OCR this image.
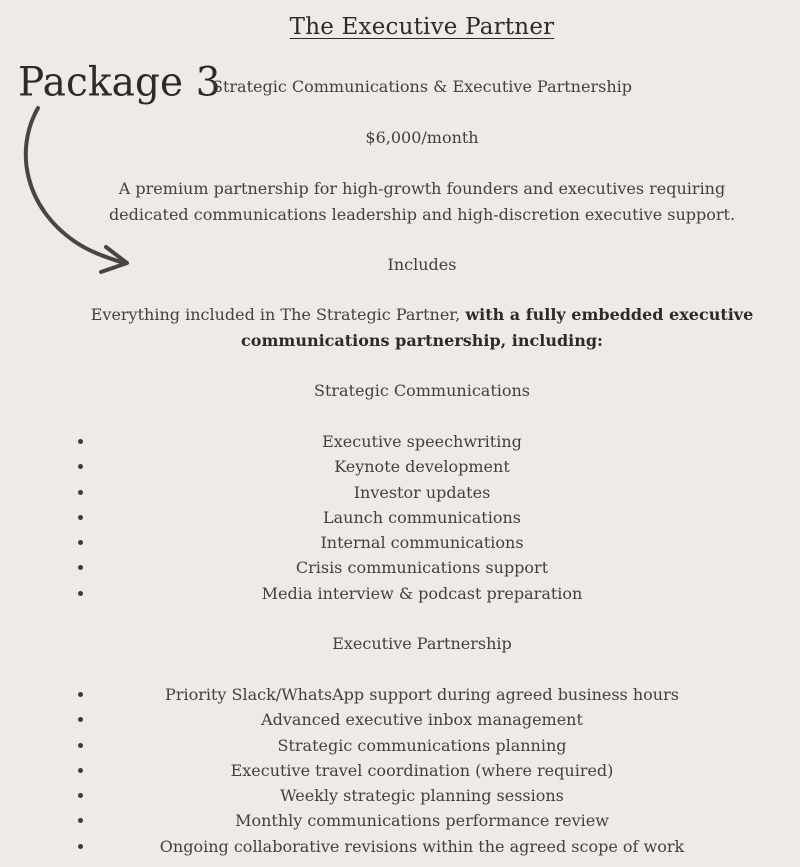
The Executive Partner
Package 3
Strategic Communications & Executive Partnership
$6,000/month
A premium partnership for high-growth founders and executives requiring dedicated communications leadership and high-discretion executive support.
Includes
Everything included in The Strategic Partner, with a fully embedded executive communications partnership, including:
Strategic Communications
Executive speechwriting
Keynote development
Investor updates
Launch communications
Internal communications
Crisis communications support
Media interview & podcast preparation
Executive Partnership
Priority Slack/WhatsApp support during agreed business hours
Advanced executive inbox management
Strategic communications planning
Executive travel coordination (where required)
Weekly strategic planning sessions
Monthly communications performance review
Ongoing collaborative revisions within the agreed scope of work
